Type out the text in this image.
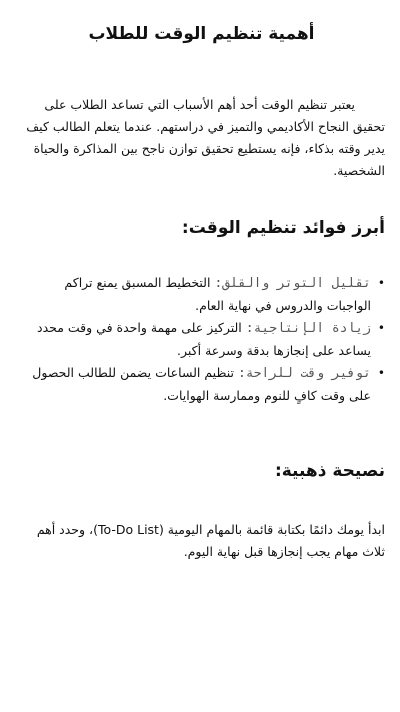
أهمية تنظيم الوقت للطلاب

يعتبر تنظيم الوقت أحد أهم الأسباب التي تساعد الطلاب على تحقيق النجاح الأكاديمي والتميز في دراستهم. عندما يتعلم الطالب كيف يدير وقته بذكاء، فإنه يستطيع تحقيق توازن ناجح بين المذاكرة والحياة الشخصية.

أبرز فوائد تنظيم الوقت:
•
تقليل التوتر والقلق: التخطيط المسبق يمنع تراكم الواجبات والدروس في نهاية العام.
•
زيادة الإنتاجية: التركيز على مهمة واحدة في وقت محدد يساعد على إنجازها بدقة وسرعة أكبر.
•
توفير وقت للراحة: تنظيم الساعات يضمن للطالب الحصول على وقت كافٍ للنوم وممارسة الهوايات.
نصيحة ذهبية:

ابدأ يومك دائمًا بكتابة قائمة بالمهام اليومية (To-Do List)، وحدد أهم ثلاث مهام يجب إنجازها قبل نهاية اليوم.
